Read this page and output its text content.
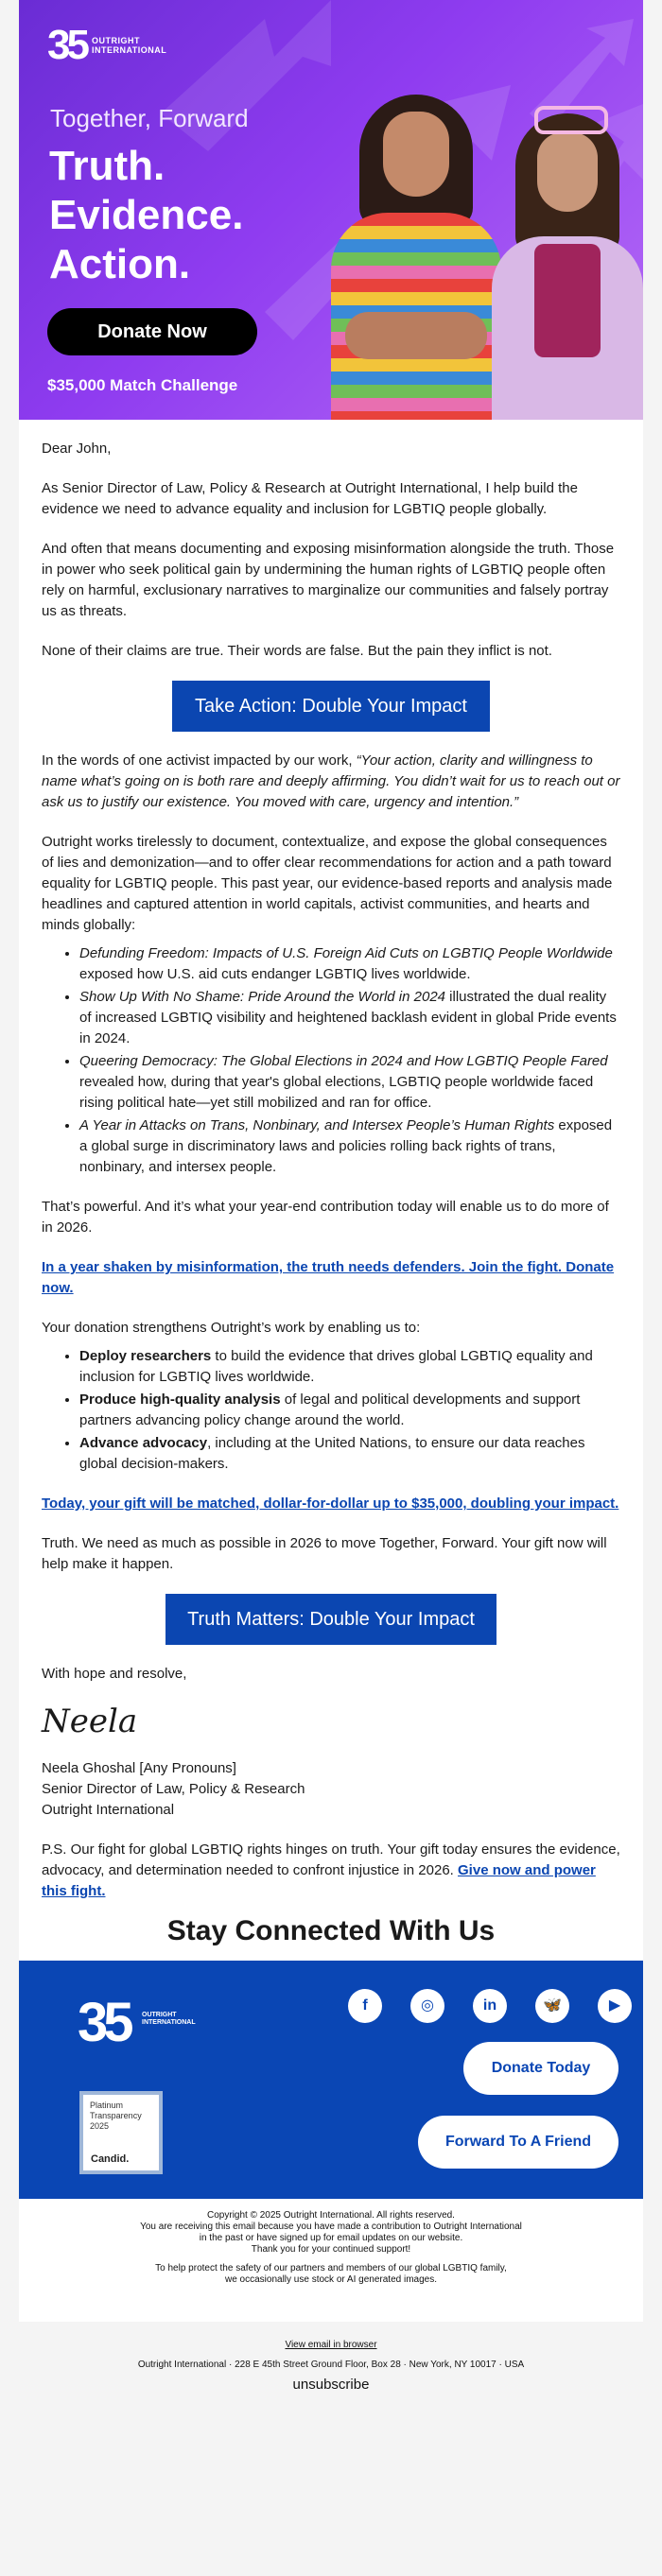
35 OUTRIGHT
INTERNATIONAL
Together, Forward
Truth.
Evidence.
Action.
Donate Now
$35,000 Match Challenge

Dear John,

As Senior Director of Law, Policy & Research at Outright International, I help build the evidence we need to advance equality and inclusion for LGBTIQ people globally.

And often that means documenting and exposing misinformation alongside the truth. Those in power who seek political gain by undermining the human rights of LGBTIQ people often rely on harmful, exclusionary narratives to marginalize our communities and falsely portray us as threats.

None of their claims are true. Their words are false. But the pain they inflict is not.

Take Action: Double Your Impact

In the words of one activist impacted by our work, “Your action, clarity and willingness to name what’s going on is both rare and deeply affirming. You didn’t wait for us to reach out or ask us to justify our existence. You moved with care, urgency and intention.”

Outright works tirelessly to document, contextualize, and expose the global consequences of lies and demonization—and to offer clear recommendations for action and a path toward equality for LGBTIQ people. This past year, our evidence-based reports and analysis made headlines and captured attention in world capitals, activist communities, and hearts and minds globally:

• Defunding Freedom: Impacts of U.S. Foreign Aid Cuts on LGBTIQ People Worldwide exposed how U.S. aid cuts endanger LGBTIQ lives worldwide.
• Show Up With No Shame: Pride Around the World in 2024 illustrated the dual reality of increased LGBTIQ visibility and heightened backlash evident in global Pride events in 2024.
• Queering Democracy: The Global Elections in 2024 and How LGBTIQ People Fared revealed how, during that year's global elections, LGBTIQ people worldwide faced rising political hate—yet still mobilized and ran for office.
• A Year in Attacks on Trans, Nonbinary, and Intersex People’s Human Rights exposed a global surge in discriminatory laws and policies rolling back rights of trans, nonbinary, and intersex people.

That’s powerful. And it’s what your year-end contribution today will enable us to do more of in 2026.

In a year shaken by misinformation, the truth needs defenders. Join the fight. Donate now.

Your donation strengthens Outright’s work by enabling us to:

• Deploy researchers to build the evidence that drives global LGBTIQ equality and inclusion for LGBTIQ lives worldwide.
• Produce high-quality analysis of legal and political developments and support partners advancing policy change around the world.
• Advance advocacy, including at the United Nations, to ensure our data reaches global decision-makers.

Today, your gift will be matched, dollar-for-dollar up to $35,000, doubling your impact.

Truth. We need as much as possible in 2026 to move Together, Forward. Your gift now will help make it happen.

Truth Matters: Double Your Impact

With hope and resolve,

Neela

Neela Ghoshal [Any Pronouns]
Senior Director of Law, Policy & Research
Outright International

P.S. Our fight for global LGBTIQ rights hinges on truth. Your gift today ensures the evidence, advocacy, and determination needed to confront injustice in 2026. Give now and power this fight.

Stay Connected With Us
35 OUTRIGHT
INTERNATIONAL
Platinum
Transparency
2025
Candid.
f	◎	in	🦋	▶
Donate Today
Forward To A Friend

Copyright © 2025 Outright International. All rights reserved.
You are receiving this email because you have made a contribution to Outright International
in the past or have signed up for email updates on our website.
Thank you for your continued support!

To help protect the safety of our partners and members of our global LGBTIQ family,
we occasionally use stock or AI generated images.

View email in browser
Outright International · 228 E 45th Street Ground Floor, Box 28 · New York, NY 10017 · USA
unsubscribe
